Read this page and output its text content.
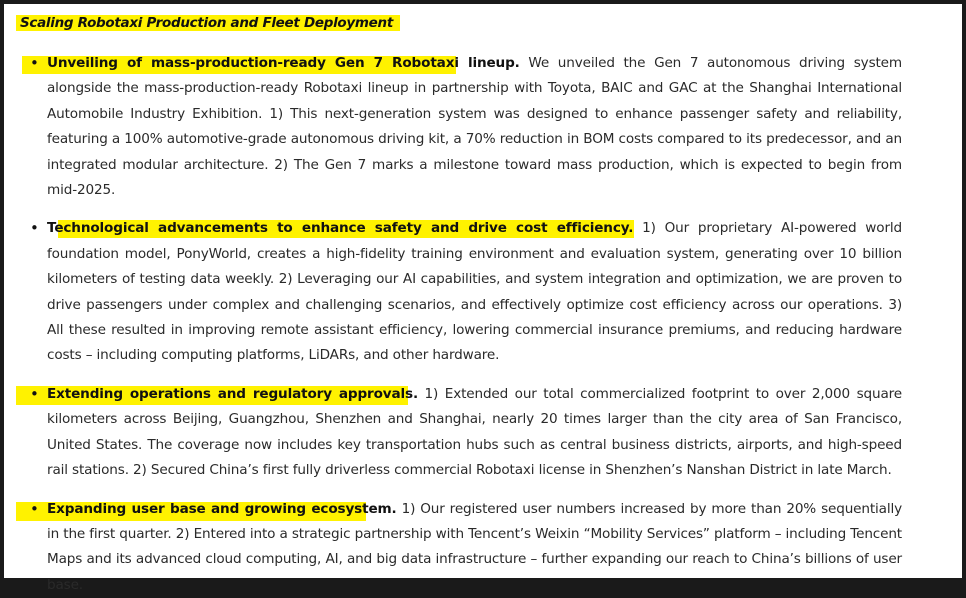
Scaling Robotaxi Production and Fleet Deployment
• Unveiling of mass-production-ready Gen 7 Robotaxi lineup. We unveiled the Gen 7 autonomous driving system alongside the mass-production-ready Robotaxi lineup in partnership with Toyota, BAIC and GAC at the Shanghai International Automobile Industry Exhibition. 1) This next-generation system was designed to enhance passenger safety and reliability, featuring a 100% automotive-grade autonomous driving kit, a 70% reduction in BOM costs compared to its predecessor, and an integrated modular architecture. 2) The Gen 7 marks a milestone toward mass production, which is expected to begin from mid-2025.
• Technological advancements to enhance safety and drive cost efficiency. 1) Our proprietary AI-powered world foundation model, PonyWorld, creates a high-fidelity training environment and evaluation system, generating over 10 billion kilometers of testing data weekly. 2) Leveraging our AI capabilities, and system integration and optimization, we are proven to drive passengers under complex and challenging scenarios, and effectively optimize cost efficiency across our operations. 3) All these resulted in improving remote assistant efficiency, lowering commercial insurance premiums, and reducing hardware costs – including computing platforms, LiDARs, and other hardware.
• Extending operations and regulatory approvals. 1) Extended our total commercialized footprint to over 2,000 square kilometers across Beijing, Guangzhou, Shenzhen and Shanghai, nearly 20 times larger than the city area of San Francisco, United States. The coverage now includes key transportation hubs such as central business districts, airports, and high-speed rail stations. 2) Secured China’s first fully driverless commercial Robotaxi license in Shenzhen’s Nanshan District in late March.
• Expanding user base and growing ecosystem. 1) Our registered user numbers increased by more than 20% sequentially in the first quarter. 2) Entered into a strategic partnership with Tencent’s Weixin “Mobility Services” platform – including Tencent Maps and its advanced cloud computing, AI, and big data infrastructure – further expanding our reach to China’s billions of user base.
